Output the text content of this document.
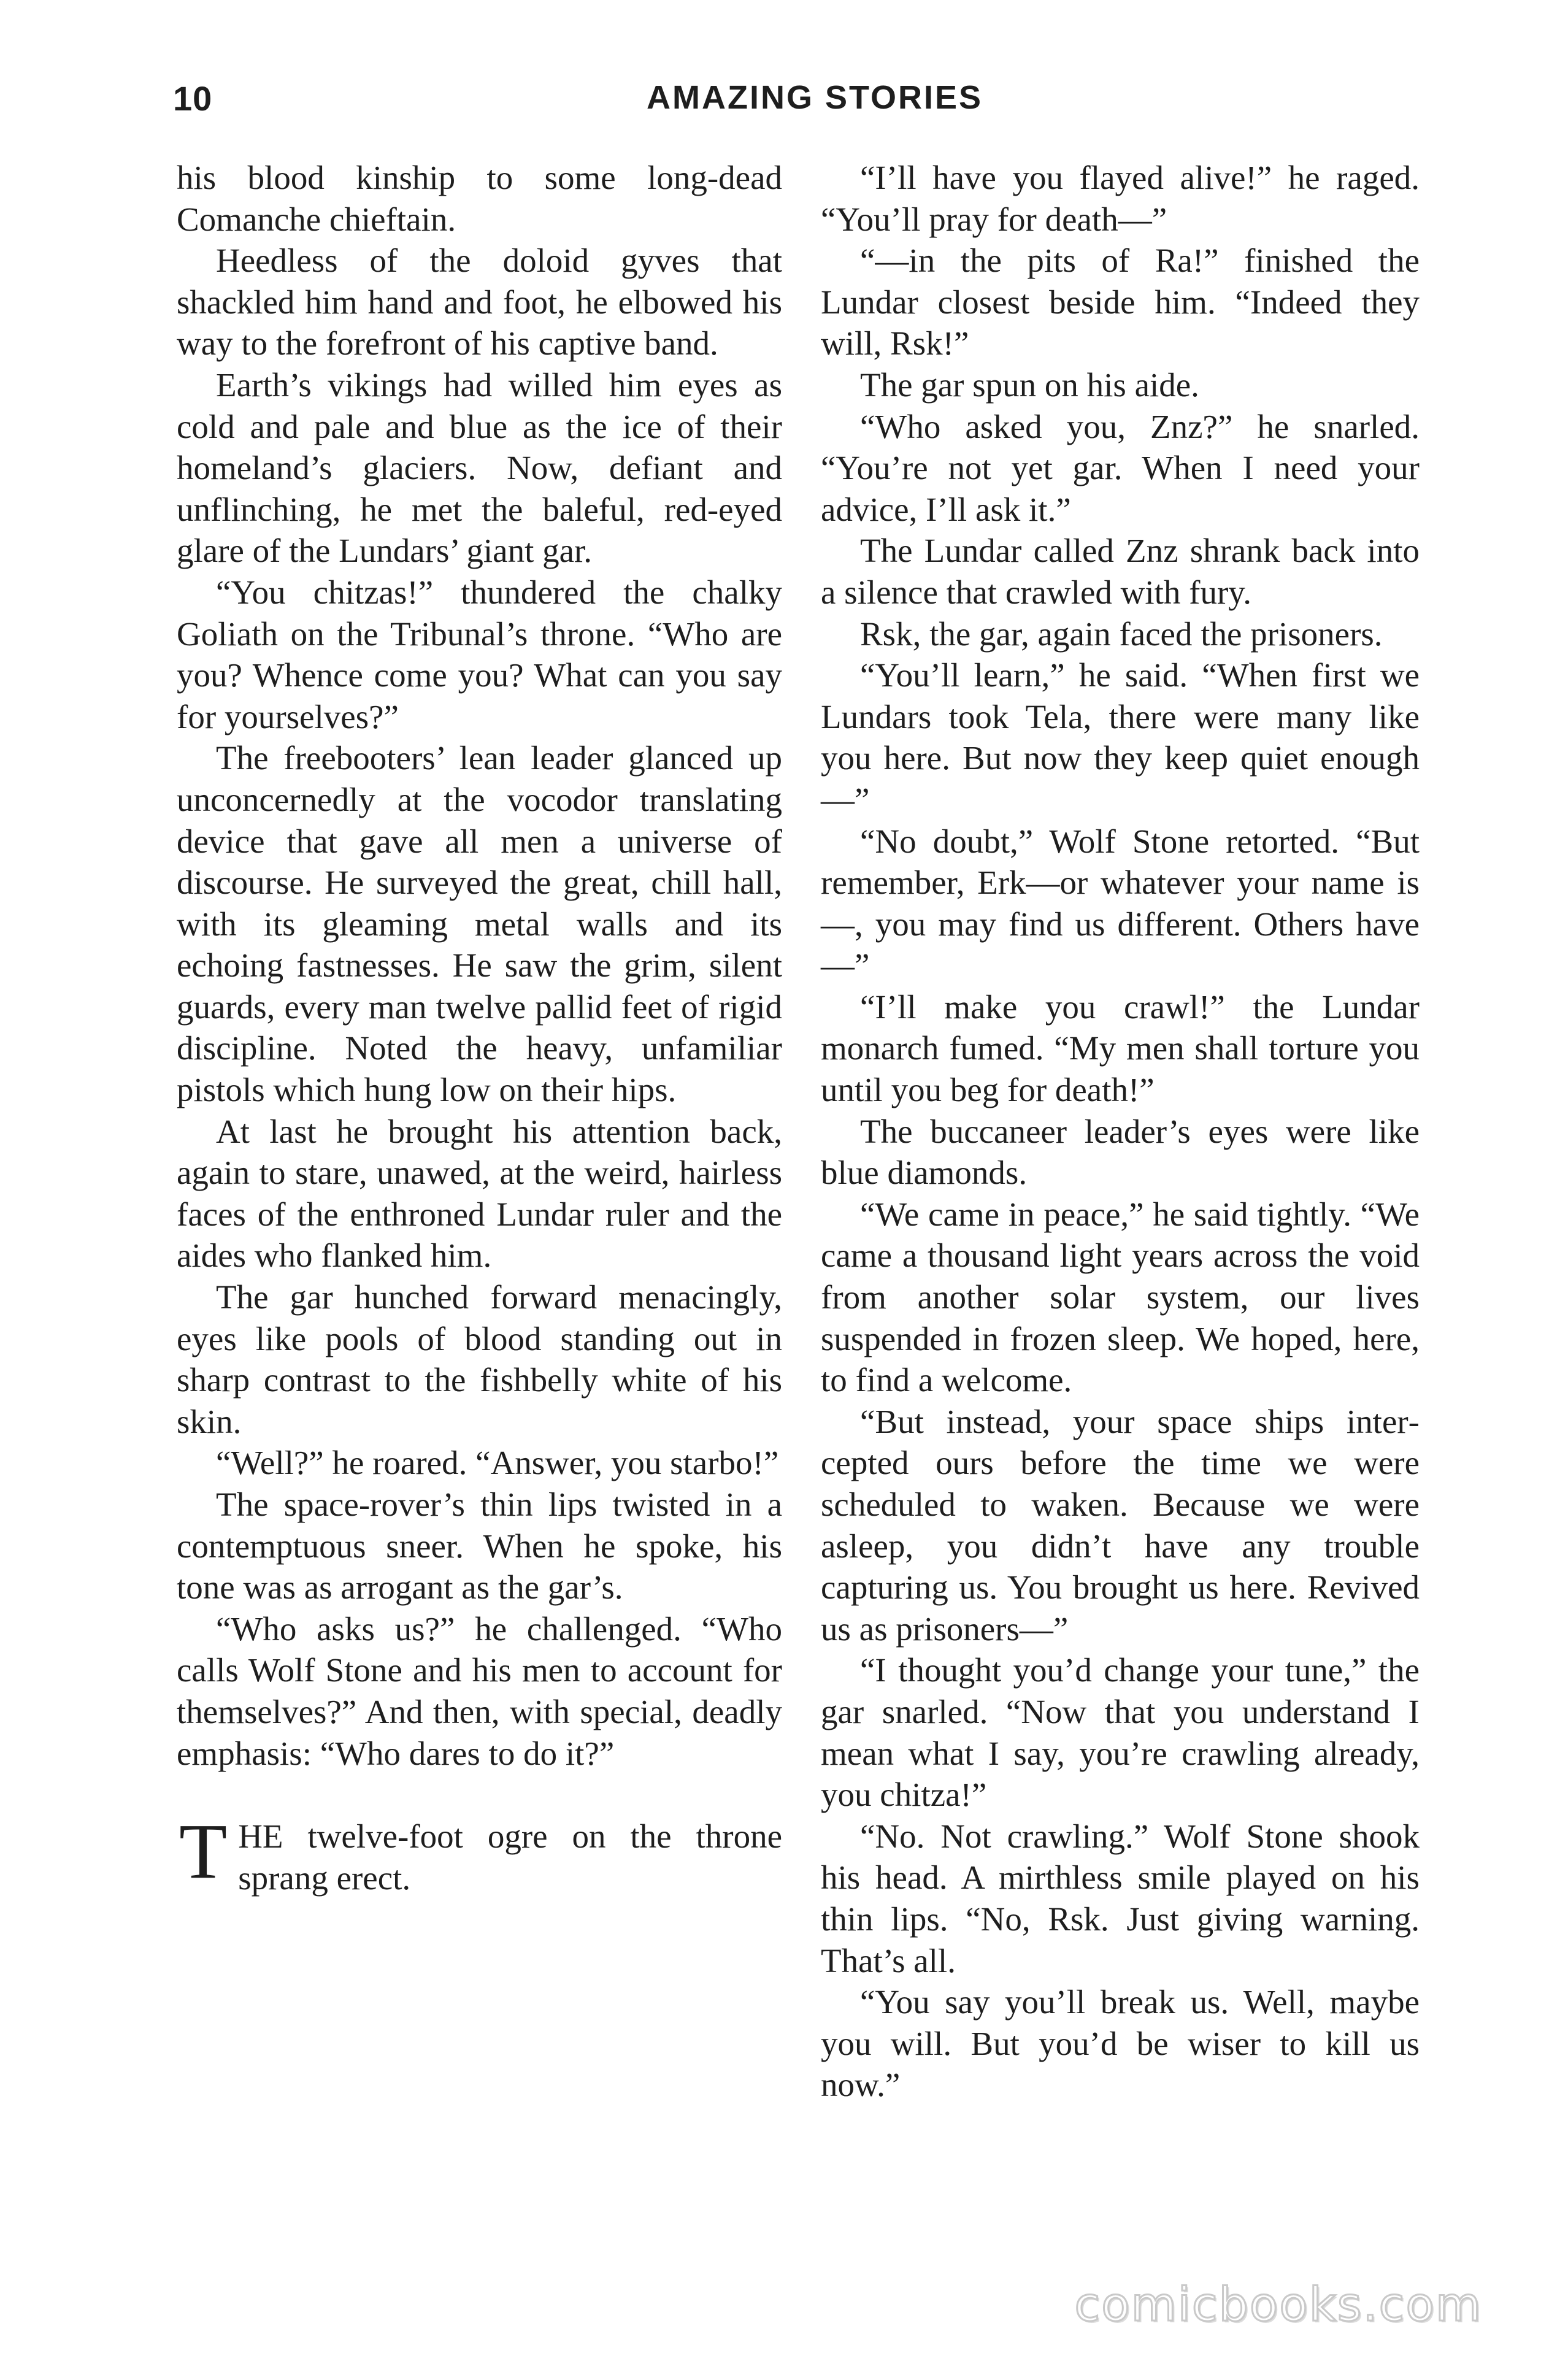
10	AMAZING STORIES

his blood kinship to some long-dead Comanche chieftain.

Heedless of the doloid gyves that shackled him hand and foot, he elbowed his way to the forefront of his captive band.

Earth’s vikings had willed him eyes as cold and pale and blue as the ice of their homeland’s glaciers. Now, defiant and unflinching, he met the baleful, red-eyed glare of the Lundars’ giant gar.

“You chitzas!” thundered the chalky Goliath on the Tribunal’s throne. “Who are you? Whence come you? What can you say for yourselves?”

The freebooters’ lean leader glanced up unconcernedly at the vocodor translating device that gave all men a universe of discourse. He surveyed the great, chill hall, with its gleaming metal walls and its echoing fastnesses. He saw the grim, silent guards, every man twelve pallid feet of rigid discipline. Noted the heavy, unfamiliar pistols which hung low on their hips.

At last he brought his attention back, again to stare, unawed, at the weird, hairless faces of the enthroned Lundar ruler and the aides who flanked him.

The gar hunched forward menacingly, eyes like pools of blood standing out in sharp contrast to the fishbelly white of his skin.

“Well?” he roared. “Answer, you starbo!”

The space-rover’s thin lips twisted in a contemptuous sneer. When he spoke, his tone was as arrogant as the gar’s.

“Who asks us?” he challenged. “Who calls Wolf Stone and his men to account for themselves?” And then, with special, deadly emphasis: “Who dares to do it?”

THE twelve-foot ogre on the throne sprang erect.

“I’ll have you flayed alive!” he raged. “You’ll pray for death—”

“—in the pits of Ra!” finished the Lundar closest beside him. “Indeed they will, Rsk!”

The gar spun on his aide.

“Who asked you, Znz?” he snarled. “You’re not yet gar. When I need your advice, I’ll ask it.”

The Lundar called Znz shrank back into a silence that crawled with fury.

Rsk, the gar, again faced the prisoners.

“You’ll learn,” he said. “When first we Lundars took Tela, there were many like you here. But now they keep quiet enough—”

“No doubt,” Wolf Stone retorted. “But remember, Erk—or whatever your name is—, you may find us different. Others have—”

“I’ll make you crawl!” the Lundar monarch fumed. “My men shall torture you until you beg for death!”

The buccaneer leader’s eyes were like blue diamonds.

“We came in peace,” he said tightly. “We came a thousand light years across the void from another solar system, our lives suspended in frozen sleep. We hoped, here, to find a welcome.

“But instead, your space ships intercepted ours before the time we were scheduled to waken. Because we were asleep, you didn’t have any trouble capturing us. You brought us here. Revived us as prisoners—”

“I thought you’d change your tune,” the gar snarled. “Now that you understand I mean what I say, you’re crawling already, you chitza!”

“No. Not crawling.” Wolf Stone shook his head. A mirthless smile played on his thin lips. “No, Rsk. Just giving warning. That’s all.

“You say you’ll break us. Well, maybe you will. But you’d be wiser to kill us now.”

comicbooks.com
